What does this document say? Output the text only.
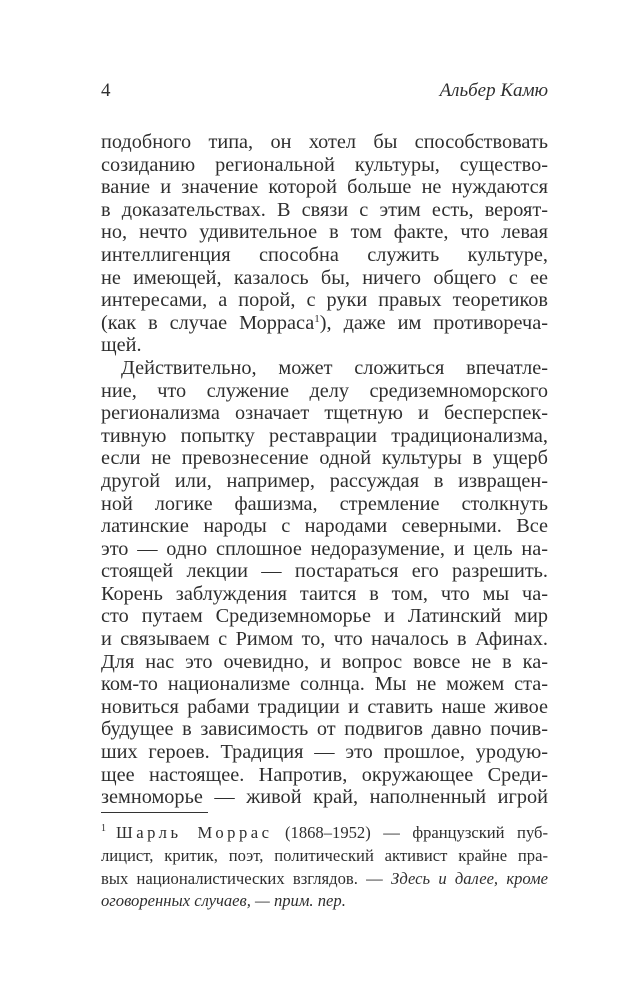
4	Альбер Камю
подобного типа, он хотел бы способствовать
созиданию региональной культуры, существо-
вание и значение которой больше не нуждаются
в доказательствах. В связи с этим есть, вероят-
но, нечто удивительное в том факте, что левая
интеллигенция способна служить культуре,
не имеющей, казалось бы, ничего общего с ее
интересами, а порой, с руки правых теоретиков
(как в случае Морраса$^1$), даже им противореча-
щей.
Действительно, может сложиться впечатле-
ние, что служение делу средиземноморского
регионализма означает тщетную и бесперспек-
тивную попытку реставрации традиционализма,
если не превознесение одной культуры в ущерб
другой или, например, рассуждая в извращен-
ной логике фашизма, стремление столкнуть
латинские народы с народами северными. Все
это — одно сплошное недоразумение, и цель на-
стоящей лекции — постараться его разрешить.
Корень заблуждения таится в том, что мы ча-
сто путаем Средиземноморье и Латинский мир
и связываем с Римом то, что началось в Афинах.
Для нас это очевидно, и вопрос вовсе не в ка-
ком-то национализме солнца. Мы не можем ста-
новиться рабами традиции и ставить наше живое
будущее в зависимость от подвигов давно почив-
ших героев. Традиция — это прошлое, уродую-
щее настоящее. Напротив, окружающее Среди-
земноморье — живой край, наполненный игрой
$^1$ Шарль Моррас (1868–1952) — французский пуб-
лицист, критик, поэт, политический активист крайне пра-
вых националистических взглядов. — Здесь и далее, кроме
оговоренных случаев, — прим. пер.
